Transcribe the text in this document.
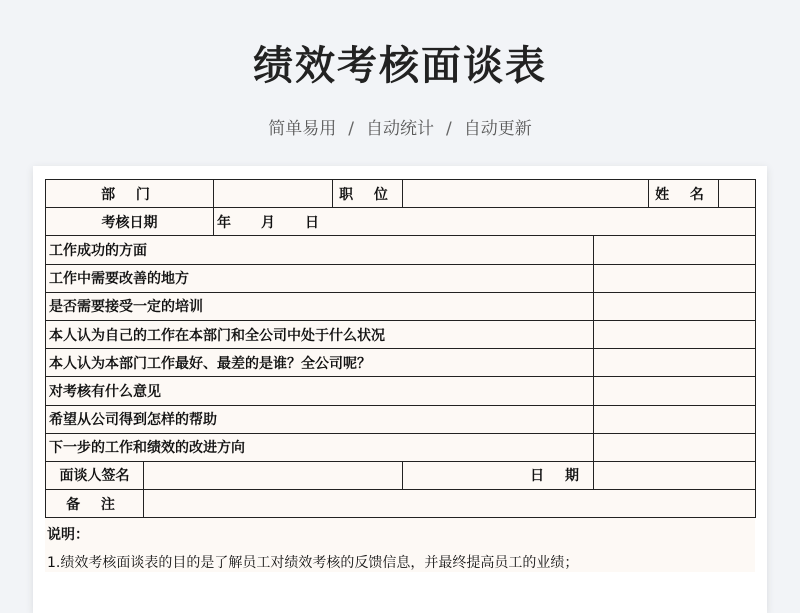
绩效考核面谈表
简单易用 / 自动统计 / 自动更新
部 门			职 位			姓 名	
考核日期		年 月 日					
工作成功的方面							
工作中需要改善的地方							
是否需要接受一定的培训							
本人认为自己的工作在本部门和全公司中处于什么状况							
本人认为本部门工作最好、最差的是谁？全公司呢？							
对考核有什么意见							
希望从公司得到怎样的帮助							
下一步的工作和绩效的改进方向							
面谈人签名				日 期			
备 注							
说明：
1.绩效考核面谈表的目的是了解员工对绩效考核的反馈信息，并最终提高员工的业绩；
